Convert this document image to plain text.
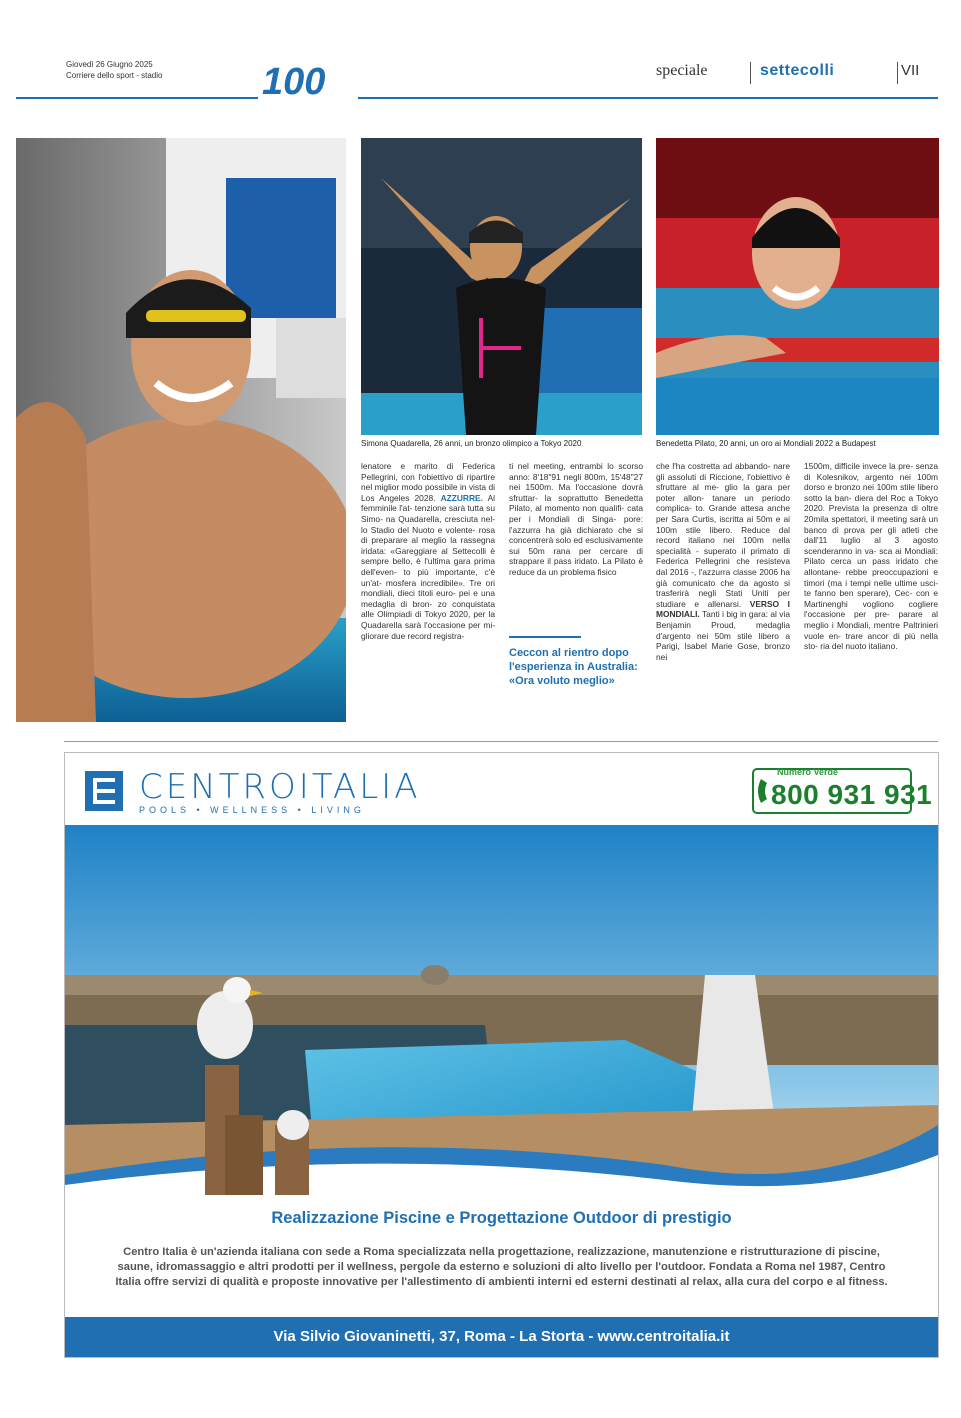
Giovedì 26 Giugno 2025
Corriere dello sport - stadio	100	speciale	settecolli	VII
Simona Quadarella, 26 anni, un bronzo olimpico a Tokyo 2020	Benedetta Pilato, 20 anni, un oro ai Mondiali 2022 a Budapest
lenatore e marito di Federica Pellegrini, con l'obiettivo di ripartire nel miglior modo possibile in vista di Los Angeles 2028. AZZURRE. Al femminile l'at- tenzione sarà tutta su Simo- na Quadarella, cresciuta nel- lo Stadio del Nuoto e volente- rosa di preparare al meglio la rassegna iridata: «Gareggiare al Settecolli è sempre bello, è l'ultima gara prima dell'even- to più importante, c'è un'at- mosfera incredibile». Tre ori mondiali, dieci titoli euro- pei e una medaglia di bron- zo conquistata alle Olimpiadi di Tokyo 2020, per la Quadarella sarà l'occasione per mi- gliorare due record registra-
ti nel meeting, entrambi lo scorso anno: 8'18"91 negli 800m, 15'48"27 nei 1500m. Ma l'occasione dovrà sfruttar- la soprattutto Benedetta Pilato, al momento non qualifi- cata per i Mondiali di Singa- pore: l'azzurra ha già dichiarato che si concentrerà solo ed esclusivamente sui 50m rana per cercare di strappare il pass iridato. La Pilato è reduce da un problema fisico
Ceccon al rientro dopo l'esperienza in Australia: «Ora voluto meglio»
che l'ha costretta ad abbando- nare gli assoluti di Riccione, l'obiettivo è sfruttare al me- glio la gara per poter allon- tanare un periodo complica- to. Grande attesa anche per Sara Curtis, iscritta ai 50m e ai 100m stile libero. Reduce dal record italiano nei 100m nella specialità - superato il primato di Federica Pellegrini che resisteva dal 2016 -, l'azzurra classe 2006 ha già comunicato che da agosto si trasferirà negli Stati Uniti per studiare e allenarsi. VERSO I MONDIALI. Tanti i big in gara: al via Benjamin Proud, medaglia d'argento nei 50m stile libero a Parigi, Isabel Marie Gose, bronzo nei
1500m, difficile invece la pre- senza di Kolesnikov, argento nei 100m dorso e bronzo nei 100m stile libero sotto la ban- diera del Roc a Tokyo 2020. Prevista la presenza di oltre 20mila spettatori, il meeting sarà un banco di prova per gli atleti che dall'11 luglio al 3 agosto scenderanno in va- sca ai Mondiali: Pilato cerca un pass iridato che allontane- rebbe preoccupazioni e timori (ma i tempi nelle ultime usci- te fanno ben sperare), Cec- con e Martinenghi vogliono cogliere l'occasione per pre- parare al meglio i Mondiali, mentre Paltrinieri vuole en- trare ancor di più nella sto- ria del nuoto italiano.
CENTROITALIA
POOLS • WELLNESS • LIVING
Numero Verde
800 931 931
Realizzazione Piscine e Progettazione Outdoor di prestigio
Centro Italia è un'azienda italiana con sede a Roma specializzata nella progettazione, realizzazione, manutenzione e ristrutturazione di piscine, saune, idromassaggio e altri prodotti per il wellness, pergole da esterno e soluzioni di alto livello per l'outdoor. Fondata a Roma nel 1987, Centro Italia offre servizi di qualità e proposte innovative per l'allestimento di ambienti interni ed esterni destinati al relax, alla cura del corpo e al fitness.
Via Silvio Giovaninetti, 37, Roma - La Storta - www.centroitalia.it
